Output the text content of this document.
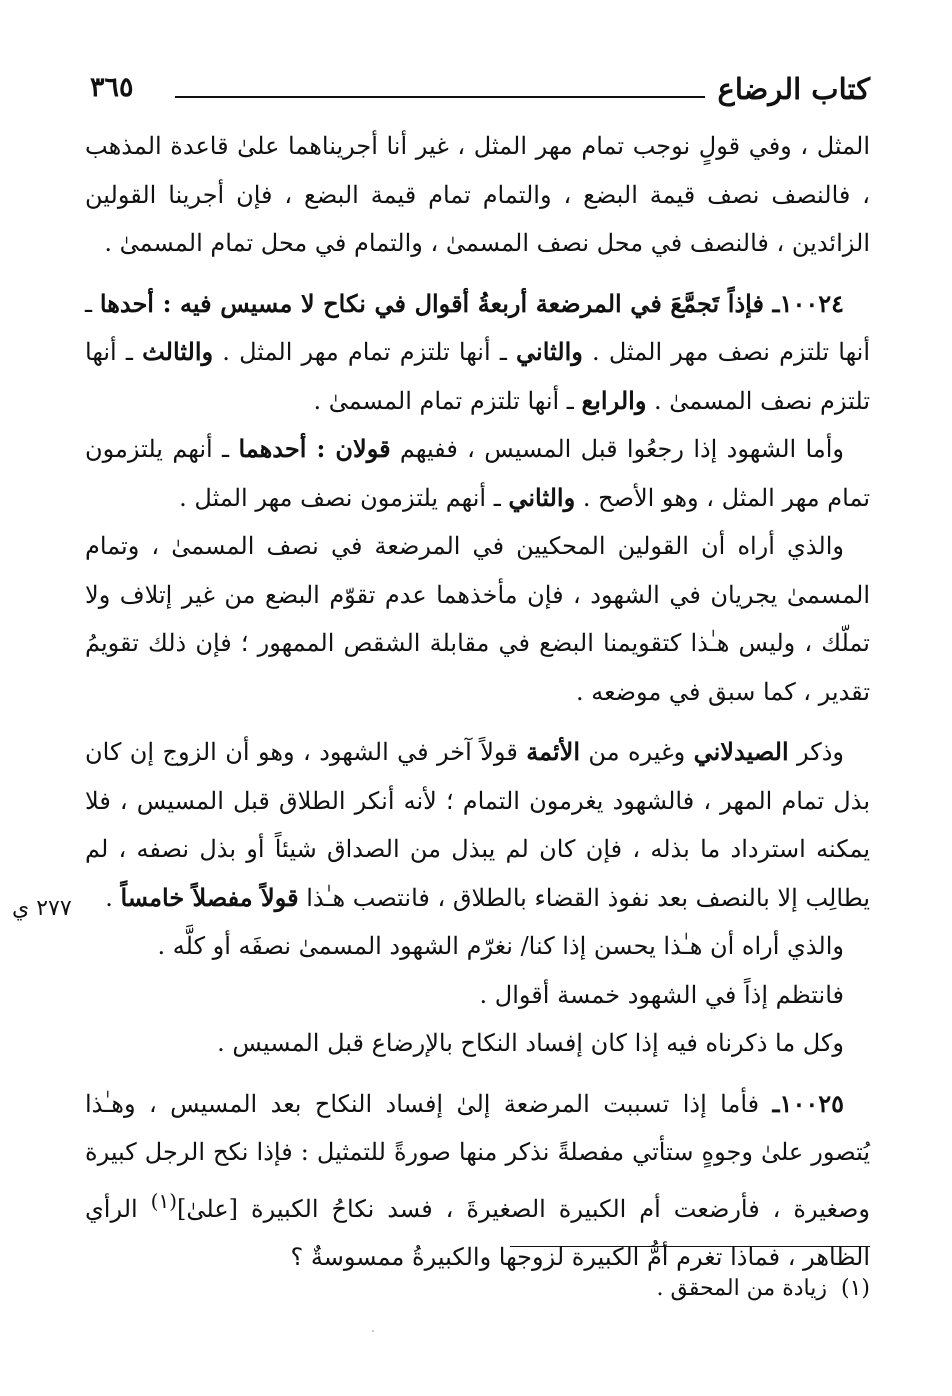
كتاب الرضاع
٣٦٥

المثل ، وفي قولٍ نوجب تمام مهر المثل ، غير أنا أجريناهما علىٰ قاعدة المذهب ، فالنصف نصف قيمة البضع ، والتمام تمام قيمة البضع ، فإن أجرينا القولين الزائدين ، فالنصف في محل نصف المسمىٰ ، والتمام في محل تمام المسمىٰ .

١٠٠٢٤ـ فإذاً تَجمَّعَ في المرضعة أربعةُ أقوال في نكاح لا مسيس فيه : أحدها ـ أنها تلتزم نصف مهر المثل . والثاني ـ أنها تلتزم تمام مهر المثل . والثالث ـ أنها تلتزم نصف المسمىٰ . والرابع ـ أنها تلتزم تمام المسمىٰ .

وأما الشهود إذا رجعُوا قبل المسيس ، ففيهم قولان : أحدهما ـ أنهم يلتزمون تمام مهر المثل ، وهو الأصح . والثاني ـ أنهم يلتزمون نصف مهر المثل .

والذي أراه أن القولين المحكيين في المرضعة في نصف المسمىٰ ، وتمام المسمىٰ يجريان في الشهود ، فإن مأخذهما عدم تقوّم البضع من غير إتلاف ولا تملّك ، وليس هـٰذا كتقويمنا البضع في مقابلة الشقص الممهور ؛ فإن ذلك تقويمُ تقدير ، كما سبق في موضعه .

وذكر الصيدلاني وغيره من الأئمة قولاً آخر في الشهود ، وهو أن الزوج إن كان بذل تمام المهر ، فالشهود يغرمون التمام ؛ لأنه أنكر الطلاق قبل المسيس ، فلا يمكنه استرداد ما بذله ، فإن كان لم يبذل من الصداق شيئاً أو بذل نصفه ، لم يطالِب إلا بالنصف بعد نفوذ القضاء بالطلاق ، فانتصب هـٰذا قولاً مفصلاً خامساً .

والذي أراه أن هـٰذا يحسن إذا كنا/ نغرّم الشهود المسمىٰ نصفَه أو كلَّه .

فانتظم إذاً في الشهود خمسة أقوال .

وكل ما ذكرناه فيه إذا كان إفساد النكاح بالإرضاع قبل المسيس .

١٠٠٢٥ـ فأما إذا تسببت المرضعة إلىٰ إفساد النكاح بعد المسيس ، وهـٰذا يُتصور علىٰ وجوهٍ ستأتي مفصلةً نذكر منها صورةً للتمثيل : فإذا نكح الرجل كبيرة وصغيرة ، فأرضعت أم الكبيرة الصغيرةَ ، فسد نكاحُ الكبيرة [علىٰ]$^{(١)}$ الرأي الظاهر ، فماذا تغرم أمُّ الكبيرة لزوجها والكبيرةُ ممسوسةٌ ؟

٢٧٧ ي
(١)زيادة من المحقق .
